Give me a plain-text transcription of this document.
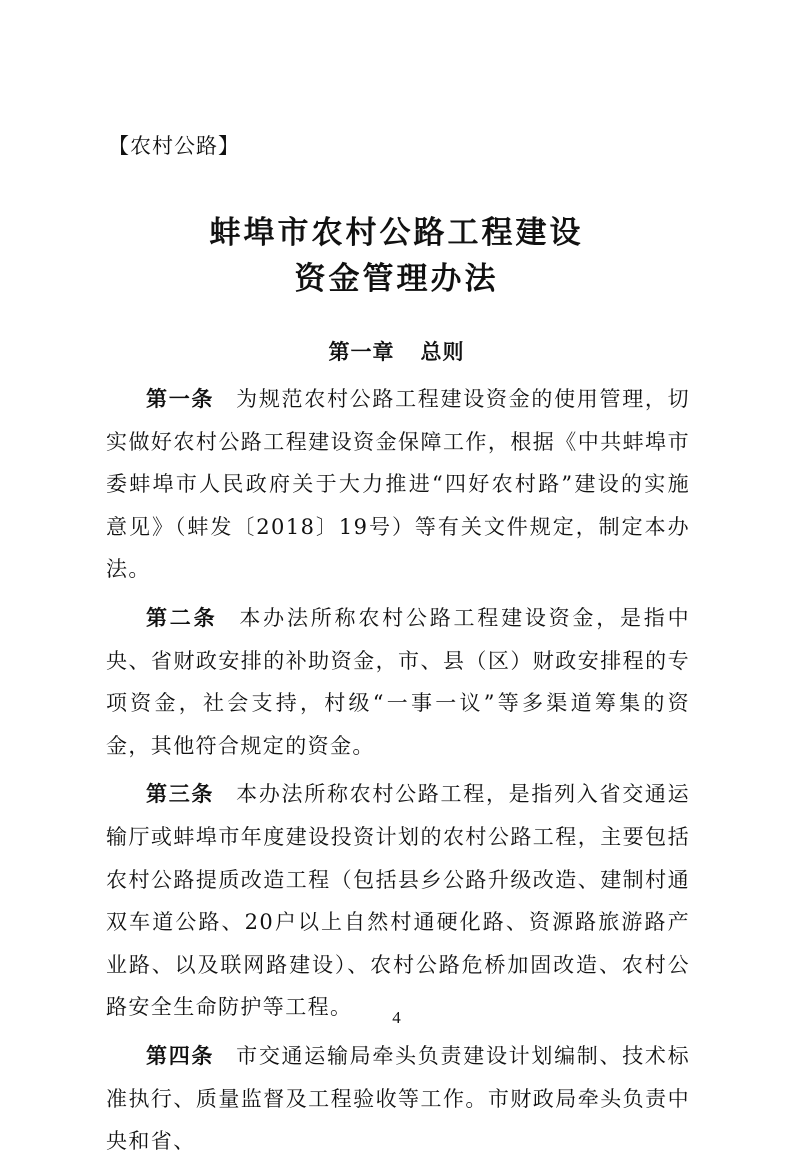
【农村公路】
蚌埠市农村公路工程建设
资金管理办法
第一章 总则

第一条 为规范农村公路工程建设资金的使用管理，切实做好农村公路工程建设资金保障工作，根据《中共蚌埠市委蚌埠市人民政府关于大力推进“四好农村路”建设的实施意见》（蚌发〔2018〕19号）等有关文件规定，制定本办法。

第二条 本办法所称农村公路工程建设资金，是指中央、省财政安排的补助资金，市、县（区）财政安排程的专项资金，社会支持，村级“一事一议”等多渠道筹集的资金，其他符合规定的资金。

第三条 本办法所称农村公路工程，是指列入省交通运输厅或蚌埠市年度建设投资计划的农村公路工程，主要包括农村公路提质改造工程（包括县乡公路升级改造、建制村通双车道公路、20户以上自然村通硬化路、资源路旅游路产业路、以及联网路建设）、农村公路危桥加固改造、农村公路安全生命防护等工程。

第四条 市交通运输局牵头负责建设计划编制、技术标准执行、质量监督及工程验收等工作。市财政局牵头负责中央和省、

4
